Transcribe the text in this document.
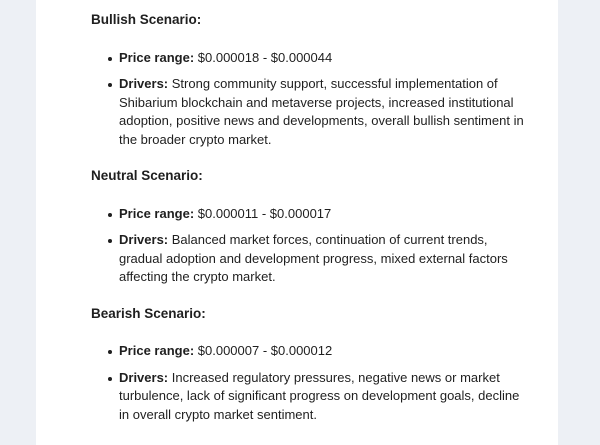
Bullish Scenario:

Price range: $0.000018 - $0.000044
Drivers: Strong community support, successful implementation of Shibarium blockchain and metaverse projects, increased institutional adoption, positive news and developments, overall bullish sentiment in the broader crypto market.

Neutral Scenario:

Price range: $0.000011 - $0.000017
Drivers: Balanced market forces, continuation of current trends, gradual adoption and development progress, mixed external factors affecting the crypto market.

Bearish Scenario:

Price range: $0.000007 - $0.000012
Drivers: Increased regulatory pressures, negative news or market turbulence, lack of significant progress on development goals, decline in overall crypto market sentiment.
